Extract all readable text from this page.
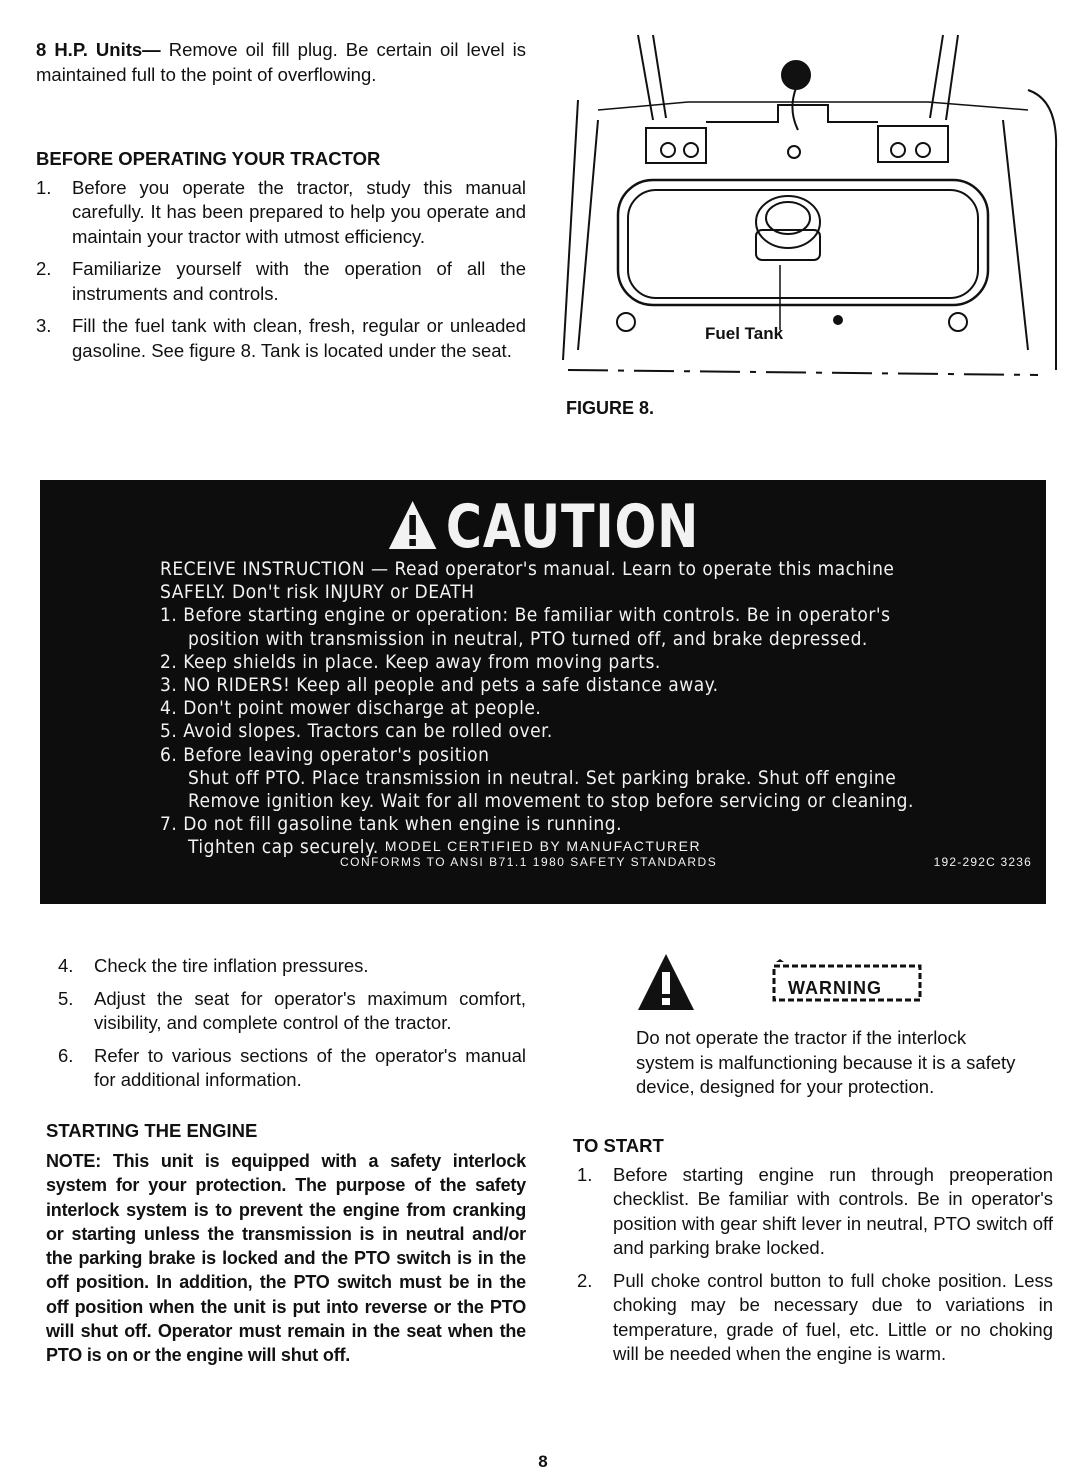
8 H.P. Units— Remove oil fill plug. Be certain oil level is maintained full to the point of overflowing.
BEFORE OPERATING YOUR TRACTOR
1.	Before you operate the tractor, study this manual carefully. It has been prepared to help you operate and maintain your tractor with utmost efficiency.
2.	Familiarize yourself with the operation of all the instruments and controls.
3.	Fill the fuel tank with clean, fresh, regular or unleaded gasoline. See figure 8. Tank is located under the seat.
Fuel Tank
FIGURE 8.
CAUTION
RECEIVE INSTRUCTION — Read operator's manual. Learn to operate this machine
SAFELY. Don't risk INJURY or DEATH
1. Before starting engine or operation: Be familiar with controls. Be in operator's
position with transmission in neutral, PTO turned off, and brake depressed.
2. Keep shields in place. Keep away from moving parts.
3. NO RIDERS! Keep all people and pets a safe distance away.
4. Don't point mower discharge at people.
5. Avoid slopes. Tractors can be rolled over.
6. Before leaving operator's position
Shut off PTO. Place transmission in neutral. Set parking brake. Shut off engine
Remove ignition key. Wait for all movement to stop before servicing or cleaning.
7. Do not fill gasoline tank when engine is running.
Tighten cap securely. MODEL CERTIFIED BY MANUFACTURER
CONFORMS TO ANSI B71.1 1980 SAFETY STANDARDS	192-292C 3236
4.	Check the tire inflation pressures.
5.	Adjust the seat for operator's maximum comfort, visibility, and complete control of the tractor.
6.	Refer to various sections of the operator's manual for additional information.
STARTING THE ENGINE

NOTE: This unit is equipped with a safety interlock system for your protection. The purpose of the safety interlock system is to prevent the engine from cranking or starting unless the transmission is in neutral and/or the parking brake is locked and the PTO switch is in the off position. In addition, the PTO switch must be in the off position when the unit is put into reverse or the PTO will shut off. Operator must remain in the seat when the PTO is on or the engine will shut off.

WARNING
Do not operate the tractor if the interlock system is malfunctioning because it is a safety device, designed for your protection.
TO START
1.	Before starting engine run through preoperation checklist. Be familiar with controls. Be in operator's position with gear shift lever in neutral, PTO switch off and parking brake locked.
2.	Pull choke control button to full choke position. Less choking may be necessary due to variations in temperature, grade of fuel, etc. Little or no choking will be needed when the engine is warm.
8
